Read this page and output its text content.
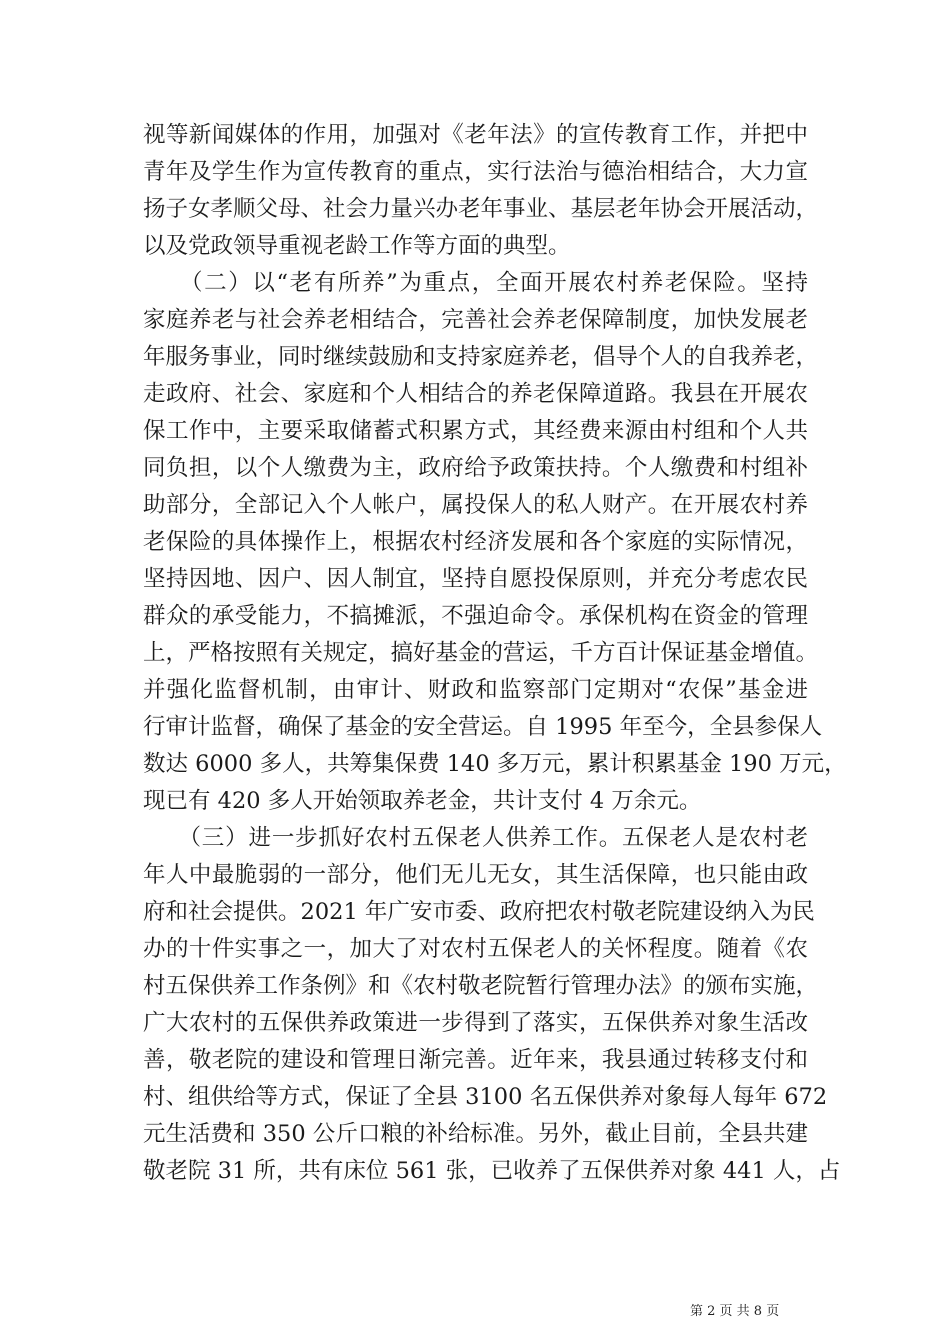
视等新闻媒体的作用，加强对《老年法》的宣传教育工作，并把中
青年及学生作为宣传教育的重点，实行法治与德治相结合，大力宣
扬子女孝顺父母、社会力量兴办老年事业、基层老年协会开展活动，
以及党政领导重视老龄工作等方面的典型。
　　（二）以“老有所养”为重点，全面开展农村养老保险。坚持
家庭养老与社会养老相结合，完善社会养老保障制度，加快发展老
年服务事业，同时继续鼓励和支持家庭养老，倡导个人的自我养老，
走政府、社会、家庭和个人相结合的养老保障道路。我县在开展农
保工作中，主要采取储蓄式积累方式，其经费来源由村组和个人共
同负担，以个人缴费为主，政府给予政策扶持。个人缴费和村组补
助部分，全部记入个人帐户，属投保人的私人财产。在开展农村养
老保险的具体操作上，根据农村经济发展和各个家庭的实际情况，
坚持因地、因户、因人制宜，坚持自愿投保原则，并充分考虑农民
群众的承受能力，不搞摊派，不强迫命令。承保机构在资金的管理
上，严格按照有关规定，搞好基金的营运，千方百计保证基金增值。
并强化监督机制，由审计、财政和监察部门定期对“农保”基金进
行审计监督，确保了基金的安全营运。自 1995 年至今，全县参保人
数达 6000 多人，共筹集保费 140 多万元，累计积累基金 190 万元，
现已有 420 多人开始领取养老金，共计支付 4 万余元。
　　（三）进一步抓好农村五保老人供养工作。五保老人是农村老
年人中最脆弱的一部分，他们无儿无女，其生活保障，也只能由政
府和社会提供。2021 年广安市委、政府把农村敬老院建设纳入为民
办的十件实事之一，加大了对农村五保老人的关怀程度。随着《农
村五保供养工作条例》和《农村敬老院暂行管理办法》的颁布实施，
广大农村的五保供养政策进一步得到了落实，五保供养对象生活改
善，敬老院的建设和管理日渐完善。近年来，我县通过转移支付和
村、组供给等方式，保证了全县 3100 名五保供养对象每人每年 672
元生活费和 350 公斤口粮的补给标准。另外，截止目前，全县共建
敬老院 31 所，共有床位 561 张，已收养了五保供养对象 441 人，占
第 2 页 共 8 页
